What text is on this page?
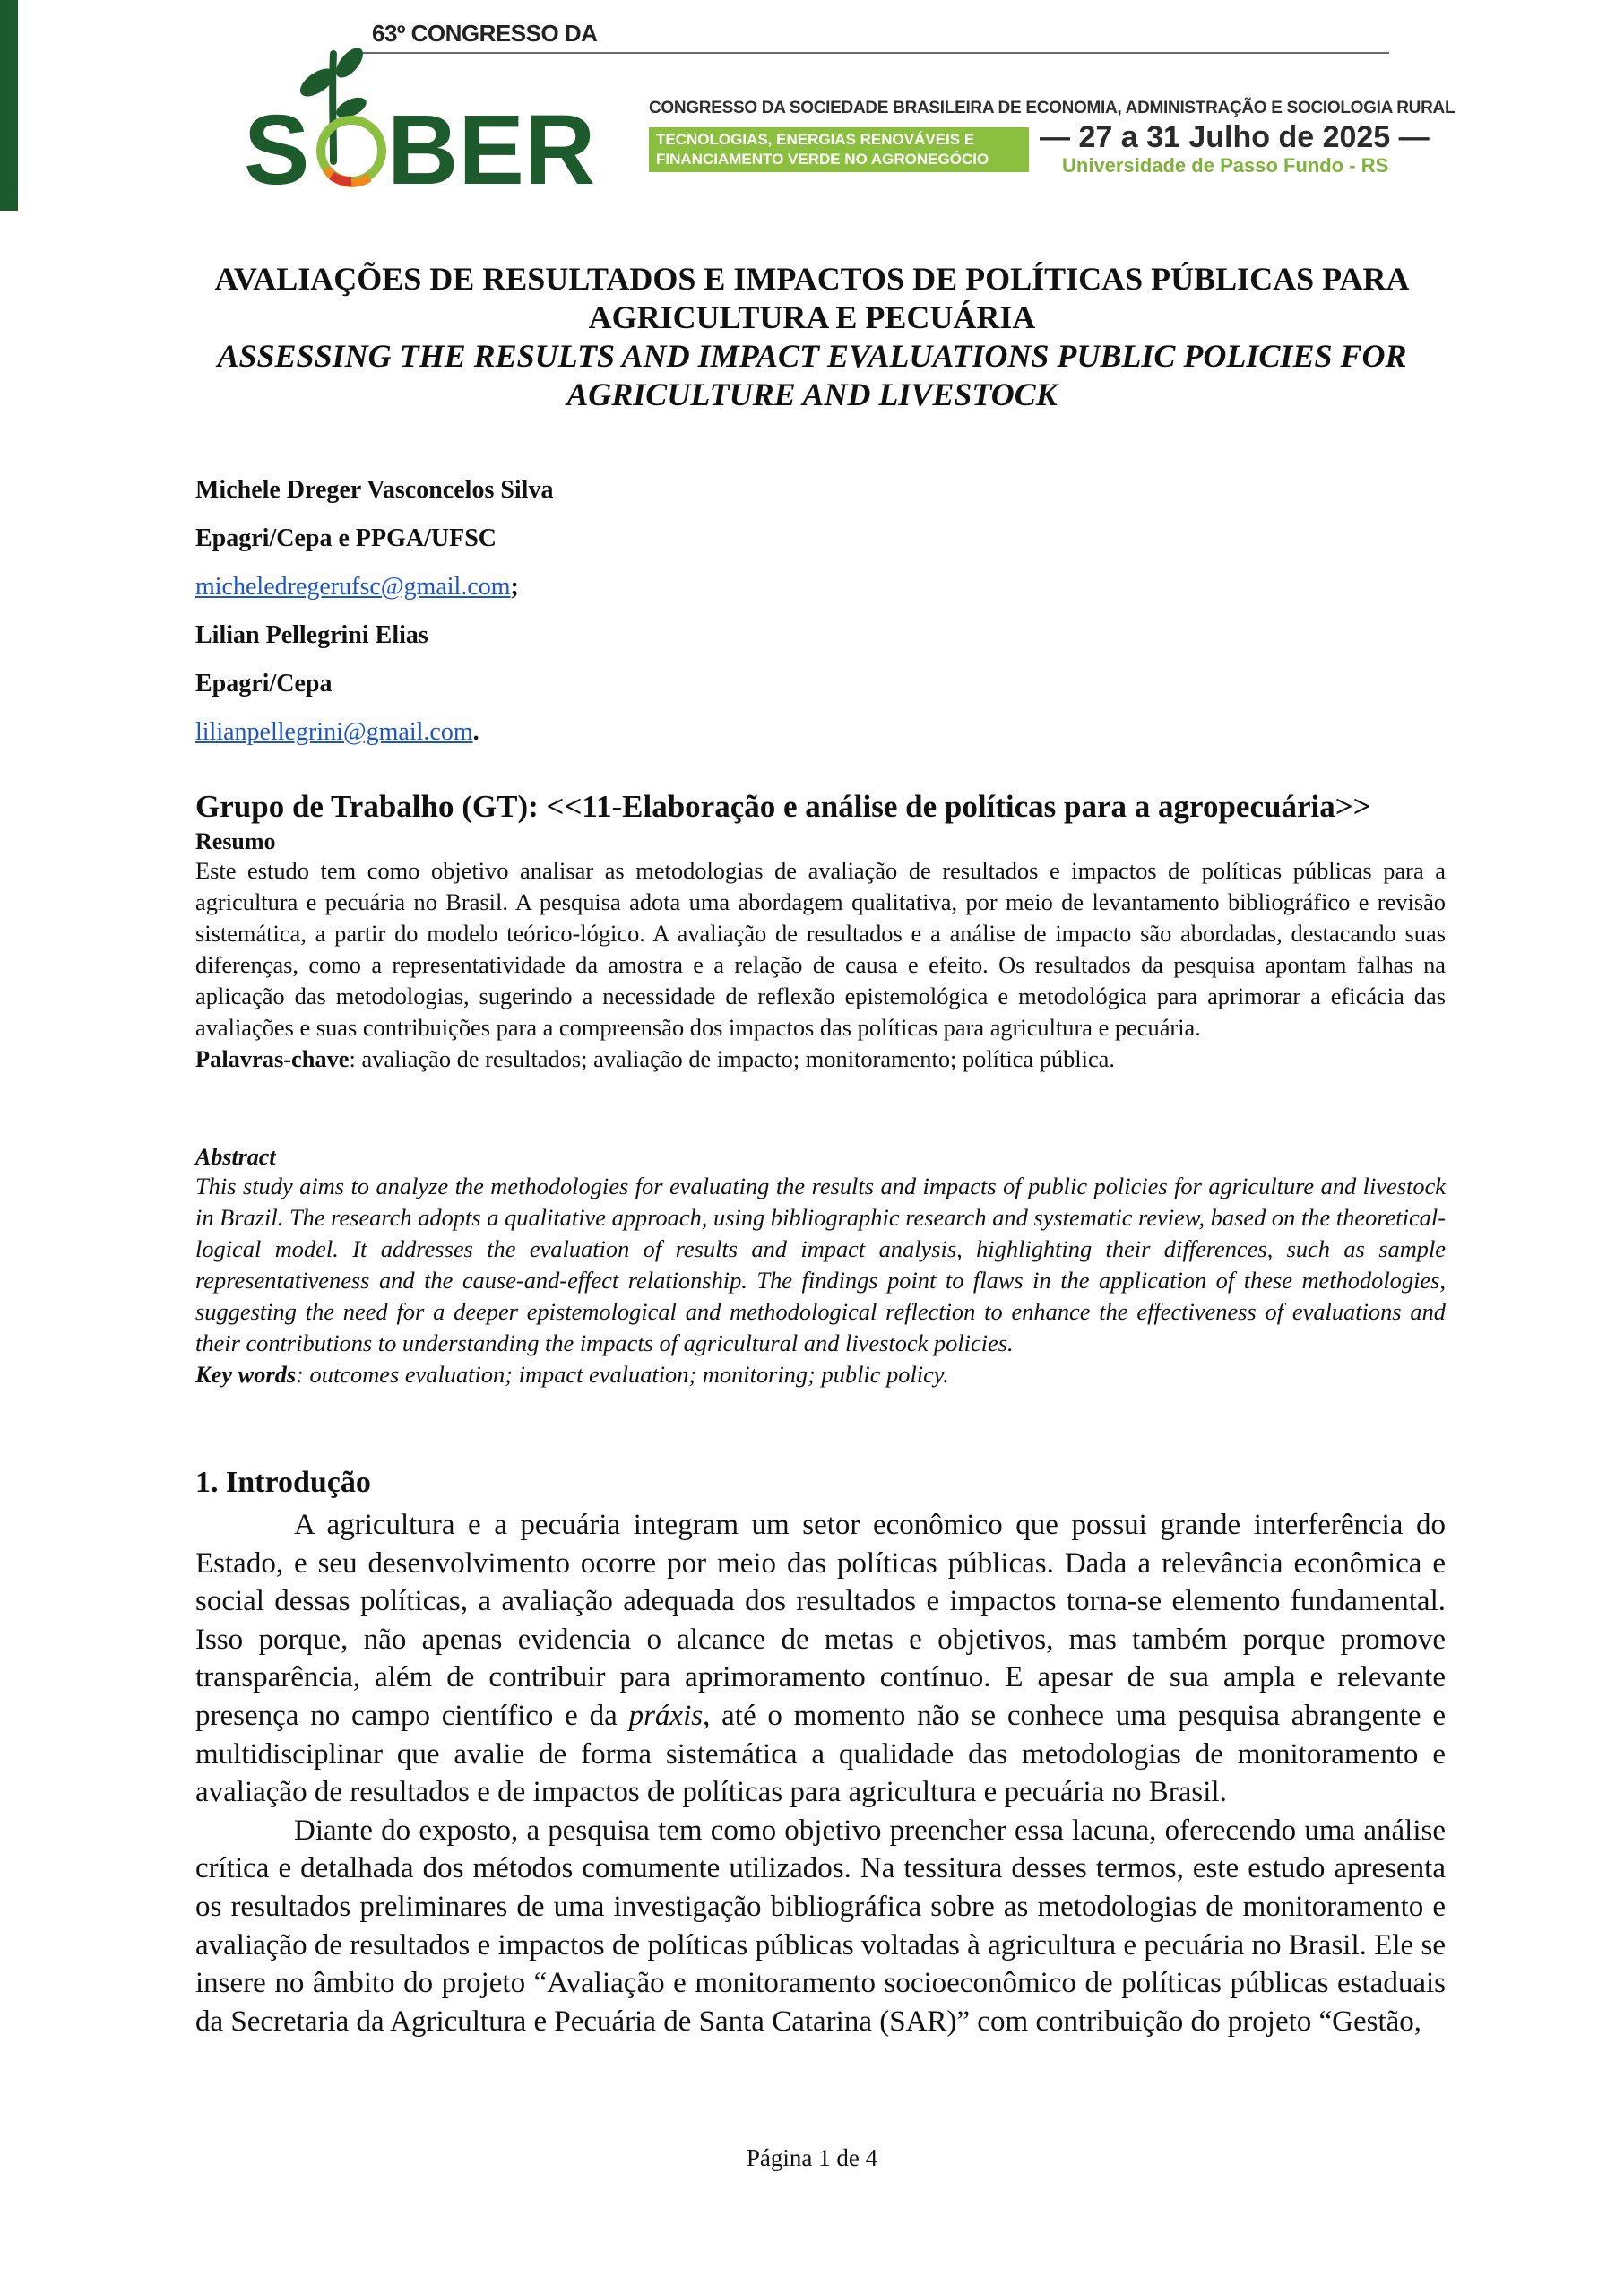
S BER
63º CONGRESSO DA
CONGRESSO DA SOCIEDADE BRASILEIRA DE ECONOMIA, ADMINISTRAÇÃO E SOCIOLOGIA RURAL
TECNOLOGIAS, ENERGIAS RENOVÁVEIS E
FINANCIAMENTO VERDE NO AGRONEGÓCIO
— 27 a 31 Julho de 2025 —
Universidade de Passo Fundo - RS
AVALIAÇÕES DE RESULTADOS E IMPACTOS DE POLÍTICAS PÚBLICAS PARA
AGRICULTURA E PECUÁRIA
ASSESSING THE RESULTS AND IMPACT EVALUATIONS PUBLIC POLICIES FOR
AGRICULTURE AND LIVESTOCK
Michele Dreger Vasconcelos Silva
Epagri/Cepa e PPGA/UFSC
micheledregerufsc@gmail.com;
Lilian Pellegrini Elias
Epagri/Cepa
lilianpellegrini@gmail.com.
Grupo de Trabalho (GT): <<11-Elaboração e análise de políticas para a agropecuária>>
Resumo
Este estudo tem como objetivo analisar as metodologias de avaliação de resultados e impactos de políticas públicas para a agricultura e pecuária no Brasil. A pesquisa adota uma abordagem qualitativa, por meio de levantamento bibliográfico e revisão sistemática, a partir do modelo teórico-lógico. A avaliação de resultados e a análise de impacto são abordadas, destacando suas diferenças, como a representatividade da amostra e a relação de causa e efeito. Os resultados da pesquisa apontam falhas na aplicação das metodologias, sugerindo a necessidade de reflexão epistemológica e metodológica para aprimorar a eficácia das avaliações e suas contribuições para a compreensão dos impactos das políticas para agricultura e pecuária.
Palavras-chave: avaliação de resultados; avaliação de impacto; monitoramento; política pública.
Abstract
This study aims to analyze the methodologies for evaluating the results and impacts of public policies for agriculture and livestock in Brazil. The research adopts a qualitative approach, using bibliographic research and systematic review, based on the theoretical-logical model. It addresses the evaluation of results and impact analysis, highlighting their differences, such as sample representativeness and the cause-and-effect relationship. The findings point to flaws in the application of these methodologies, suggesting the need for a deeper epistemological and methodological reflection to enhance the effectiveness of evaluations and their contributions to understanding the impacts of agricultural and livestock policies.
Key words: outcomes evaluation; impact evaluation; monitoring; public policy.
1. Introdução

A agricultura e a pecuária integram um setor econômico que possui grande interferência do Estado, e seu desenvolvimento ocorre por meio das políticas públicas. Dada a relevância econômica e social dessas políticas, a avaliação adequada dos resultados e impactos torna-se elemento fundamental. Isso porque, não apenas evidencia o alcance de metas e objetivos, mas também porque promove transparência, além de contribuir para aprimoramento contínuo. E apesar de sua ampla e relevante presença no campo científico e da práxis, até o momento não se conhece uma pesquisa abrangente e multidisciplinar que avalie de forma sistemática a qualidade das metodologias de monitoramento e avaliação de resultados e de impactos de políticas para agricultura e pecuária no Brasil.

Diante do exposto, a pesquisa tem como objetivo preencher essa lacuna, oferecendo uma análise crítica e detalhada dos métodos comumente utilizados. Na tessitura desses termos, este estudo apresenta os resultados preliminares de uma investigação bibliográfica sobre as metodologias de monitoramento e avaliação de resultados e impactos de políticas públicas voltadas à agricultura e pecuária no Brasil. Ele se insere no âmbito do projeto “Avaliação e monitoramento socioeconômico de políticas públicas estaduais da Secretaria da Agricultura e Pecuária de Santa Catarina (SAR)” com contribuição do projeto “Gestão,

Página 1 de 4
